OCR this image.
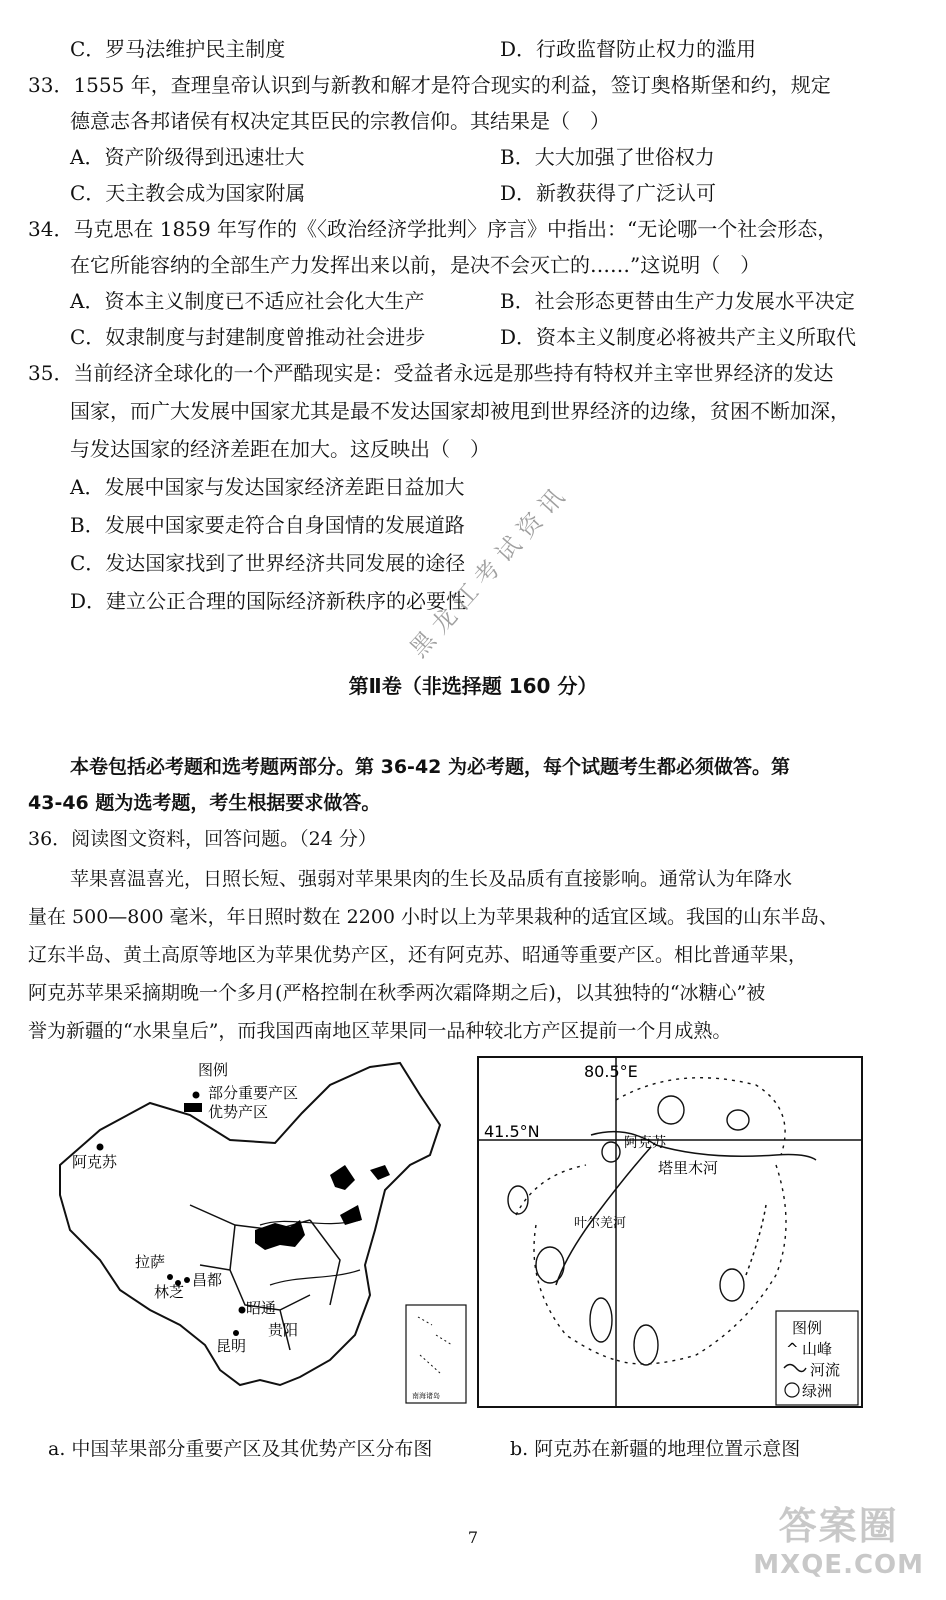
C．罗马法维护民主制度	D．行政监督防止权力的滥用
33．1555 年，查理皇帝认识到与新教和解才是符合现实的利益，签订奥格斯堡和约，规定
德意志各邦诸侯有权决定其臣民的宗教信仰。其结果是（　）
A．资产阶级得到迅速壮大	B．大大加强了世俗权力
C．天主教会成为国家附属	D．新教获得了广泛认可
34．马克思在 1859 年写作的《〈政治经济学批判〉序言》中指出：“无论哪一个社会形态，
在它所能容纳的全部生产力发挥出来以前，是决不会灭亡的……”这说明（　）
A．资本主义制度已不适应社会化大生产	B．社会形态更替由生产力发展水平决定
C．奴隶制度与封建制度曾推动社会进步	D．资本主义制度必将被共产主义所取代
35．当前经济全球化的一个严酷现实是：受益者永远是那些持有特权并主宰世界经济的发达
国家，而广大发展中国家尤其是最不发达国家却被甩到世界经济的边缘，贫困不断加深，
与发达国家的经济差距在加大。这反映出（　）
A．发展中国家与发达国家经济差距日益加大
B．发展中国家要走符合自身国情的发展道路
C．发达国家找到了世界经济共同发展的途径
D．建立公正合理的国际经济新秩序的必要性
第Ⅱ卷（非选择题 160 分）
本卷包括必考题和选考题两部分。第 36-42 为必考题，每个试题考生都必须做答。第
43-46 题为选考题，考生根据要求做答。
36．阅读图文资料，回答问题。（24 分）
苹果喜温喜光，日照长短、强弱对苹果果肉的生长及品质有直接影响。通常认为年降水
量在 500—800 毫米，年日照时数在 2200 小时以上为苹果栽种的适宜区域。我国的山东半岛、
辽东半岛、黄土高原等地区为苹果优势产区，还有阿克苏、昭通等重要产区。相比普通苹果，
阿克苏苹果采摘期晚一个多月(严格控制在秋季两次霜降期之后)，以其独特的“冰糖心”被
誉为新疆的“水果皇后”，而我国西南地区苹果同一品种较北方产区提前一个月成熟。
图例
部分重要产区
优势产区
阿克苏
拉萨
林芝
昌都
昭通
贵阳
昆明
南海诸岛
80.5°E
41.5°N
阿克苏
塔里木河
叶尔羌河
图例
^ 山峰
河流
绿洲
a. 中国苹果部分重要产区及其优势产区分布图	b. 阿克苏在新疆的地理位置示意图
黑龙江考试资讯
7	答案圈
MXQE.COM
